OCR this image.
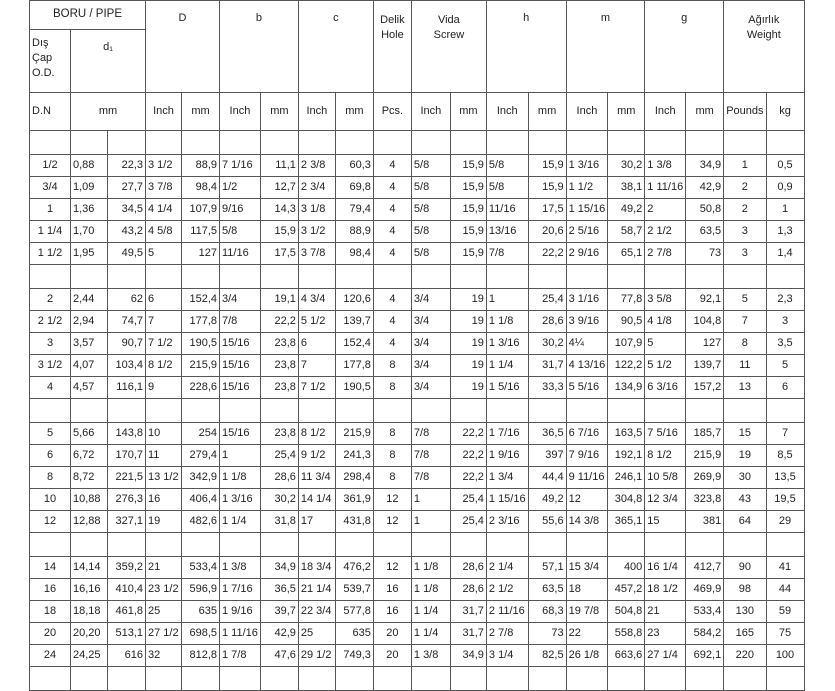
BORU / PIPE			D		b		c		Delik
Hole	Vida
Screw		h		m		g		Ağırlık
Weight	
Dış
Çap
O.D.	d₁																		
D.N	mm		Inch	mm	Inch	mm	Inch	mm	Pcs.	Inch	mm	Inch	mm	Inch	mm	Inch	mm	Pounds	kg

1/2	0,88	22,3	3 1/2	88,9	7 1/16	11,1	2 3/8	60,3	4	5/8	15,9	5/8	15,9	1 3/16	30,2	1 3/8	34,9	1	0,5
3/4	1,09	27,7	3 7/8	98,4	1/2	12,7	2 3/4	69,8	4	5/8	15,9	5/8	15,9	1 1/2	38,1	1 11/16	42,9	2	0,9
1	1,36	34,5	4 1/4	107,9	9/16	14,3	3 1/8	79,4	4	5/8	15,9	11/16	17,5	1 15/16	49,2	2	50,8	2	1
1 1/4	1,70	43,2	4 5/8	117,5	5/8	15,9	3 1/2	88,9	4	5/8	15,9	13/16	20,6	2 5/16	58,7	2 1/2	63,5	3	1,3
1 1/2	1,95	49,5	5	127	11/16	17,5	3 7/8	98,4	4	5/8	15,9	7/8	22,2	2 9/16	65,1	2 7/8	73	3	1,4

2	2,44	62	6	152,4	3/4	19,1	4 3/4	120,6	4	3/4	19	1	25,4	3 1/16	77,8	3 5/8	92,1	5	2,3
2 1/2	2,94	74,7	7	177,8	7/8	22,2	5 1/2	139,7	4	3/4	19	1 1/8	28,6	3 9/16	90,5	4 1/8	104,8	7	3
3	3,57	90,7	7 1/2	190,5	15/16	23,8	6	152,4	4	3/4	19	1 3/16	30,2	4¼	107,9	5	127	8	3,5
3 1/2	4,07	103,4	8 1/2	215,9	15/16	23,8	7	177,8	8	3/4	19	1 1/4	31,7	4 13/16	122,2	5 1/2	139,7	11	5
4	4,57	116,1	9	228,6	15/16	23,8	7 1/2	190,5	8	3/4	19	1 5/16	33,3	5 5/16	134,9	6 3/16	157,2	13	6

5	5,66	143,8	10	254	15/16	23,8	8 1/2	215,9	8	7/8	22,2	1 7/16	36,5	6 7/16	163,5	7 5/16	185,7	15	7
6	6,72	170,7	11	279,4	1	25,4	9 1/2	241,3	8	7/8	22,2	1 9/16	397	7 9/16	192,1	8 1/2	215,9	19	8,5
8	8,72	221,5	13 1/2	342,9	1 1/8	28,6	11 3/4	298,4	8	7/8	22,2	1 3/4	44,4	9 11/16	246,1	10 5/8	269,9	30	13,5
10	10,88	276,3	16	406,4	1 3/16	30,2	14 1/4	361,9	12	1	25,4	1 15/16	49,2	12	304,8	12 3/4	323,8	43	19,5
12	12,88	327,1	19	482,6	1 1/4	31,8	17	431,8	12	1	25,4	2 3/16	55,6	14 3/8	365,1	15	381	64	29

14	14,14	359,2	21	533,4	1 3/8	34,9	18 3/4	476,2	12	1 1/8	28,6	2 1/4	57,1	15 3/4	400	16 1/4	412,7	90	41
16	16,16	410,4	23 1/2	596,9	1 7/16	36,5	21 1/4	539,7	16	1 1/8	28,6	2 1/2	63,5	18	457,2	18 1/2	469,9	98	44
18	18,18	461,8	25	635	1 9/16	39,7	22 3/4	577,8	16	1 1/4	31,7	2 11/16	68,3	19 7/8	504,8	21	533,4	130	59
20	20,20	513,1	27 1/2	698,5	1 11/16	42,9	25	635	20	1 1/4	31,7	2 7/8	73	22	558,8	23	584,2	165	75
24	24,25	616	32	812,8	1 7/8	47,6	29 1/2	749,3	20	1 3/8	34,9	3 1/4	82,5	26 1/8	663,6	27 1/4	692,1	220	100
